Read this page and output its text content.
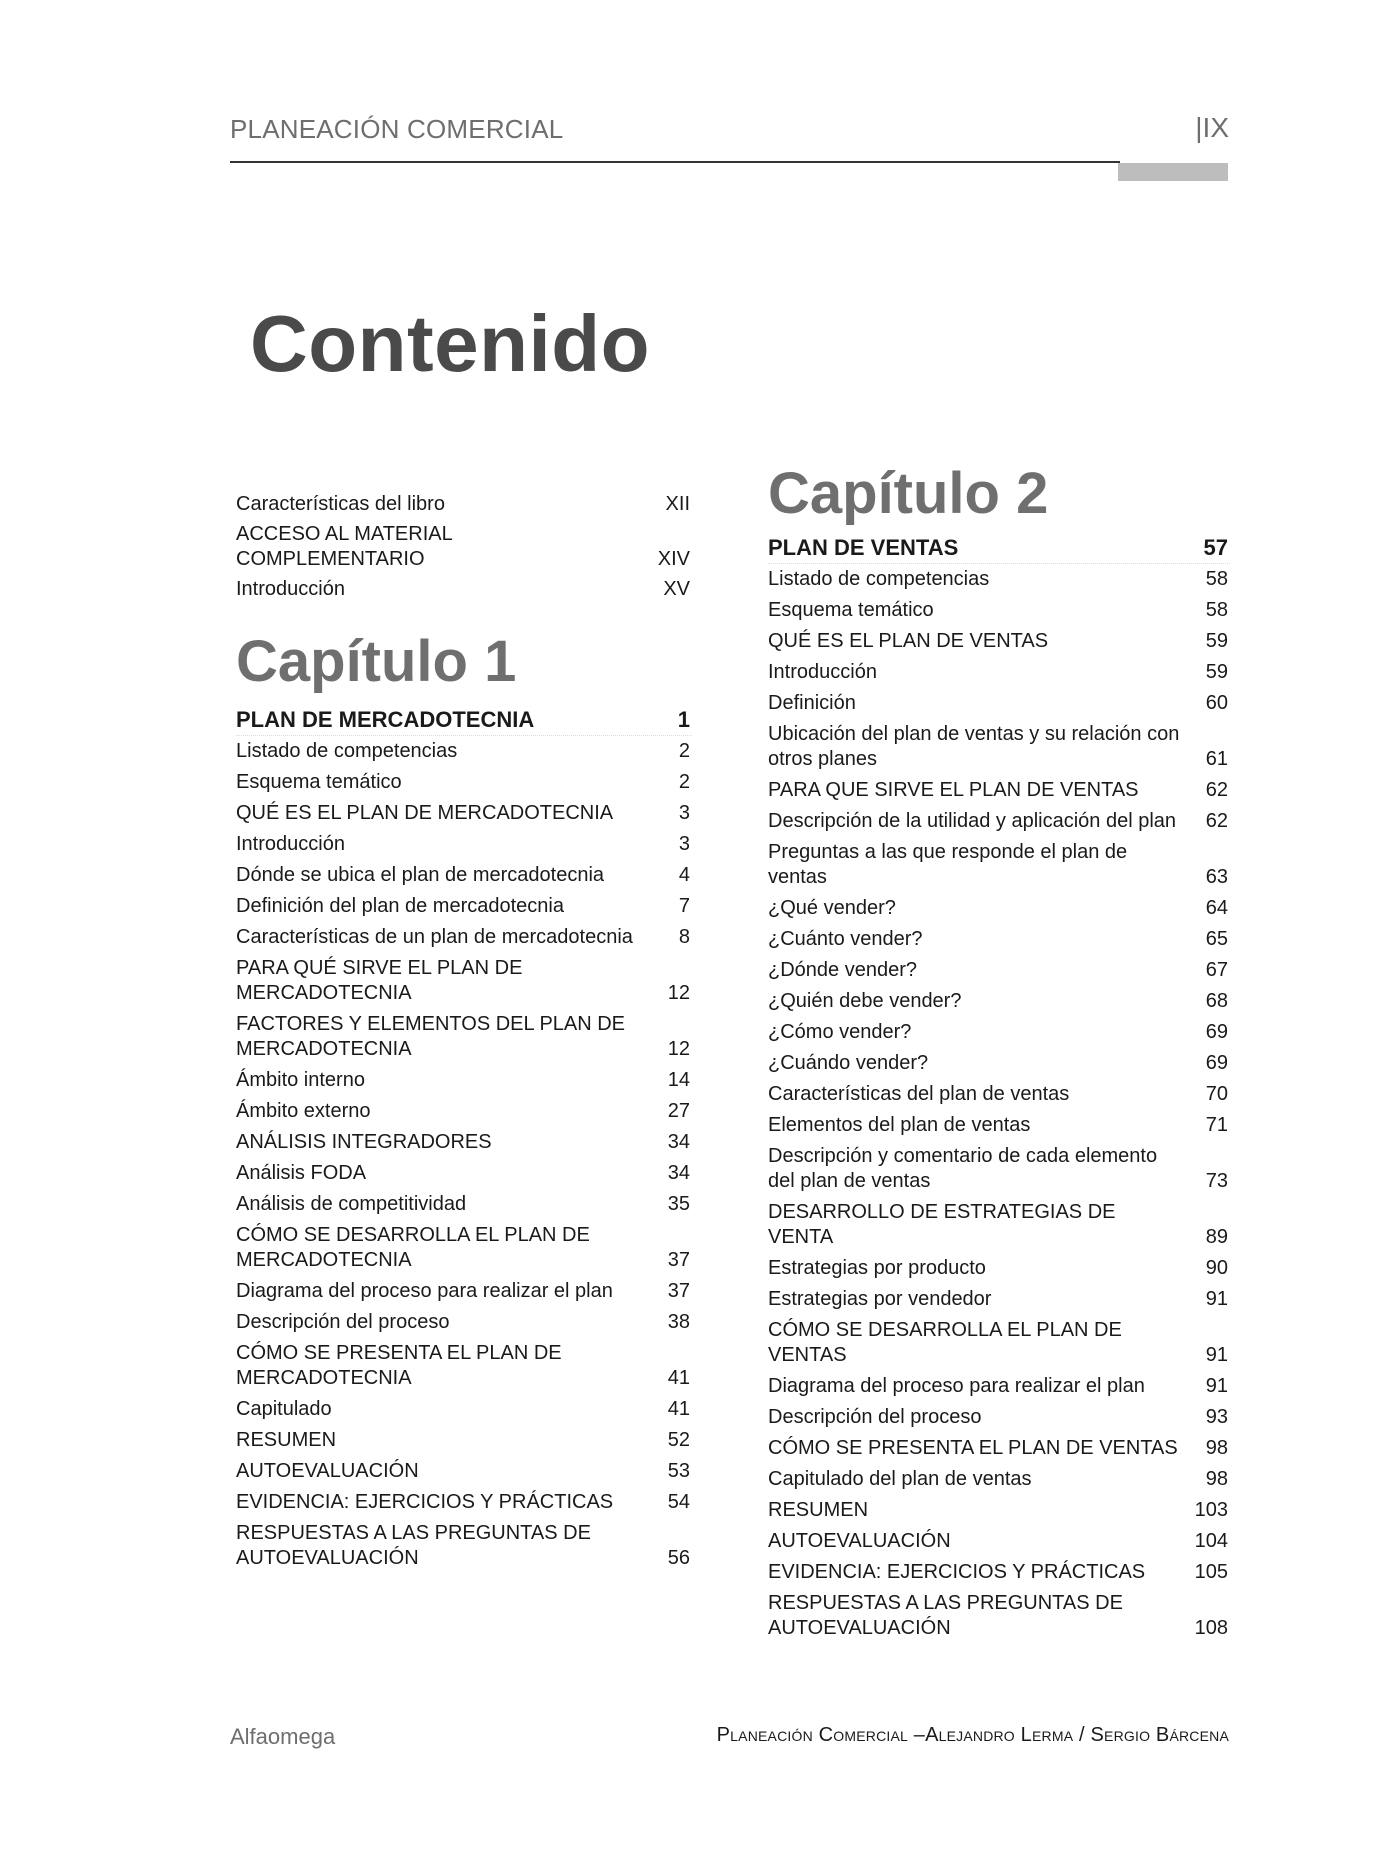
PLANEACIÓN COMERCIAL	|IX
Contenido
Características del libro	XII
ACCESO AL MATERIAL COMPLEMENTARIO	XIV
Introducción	XV
Capítulo 1
PLAN DE MERCADOTECNIA	1
Listado de competencias	2
Esquema temático	2
QUÉ ES EL PLAN DE MERCADOTECNIA	3
Introducción	3
Dónde se ubica el plan de mercadotecnia	4
Definición del plan de mercadotecnia	7
Características de un plan de mercadotecnia 8
PARA QUÉ SIRVE EL PLAN DE MERCADOTECNIA	12
FACTORES Y ELEMENTOS DEL PLAN DE MERCADOTECNIA	12
Ámbito interno	14
Ámbito externo	27
ANÁLISIS INTEGRADORES	34
Análisis FODA	34
Análisis de competitividad	35
CÓMO SE DESARROLLA EL PLAN DE MERCADOTECNIA	37
Diagrama del proceso para realizar el plan	37
Descripción del proceso	38
CÓMO SE PRESENTA EL PLAN DE MERCADOTECNIA	41
Capitulado	41
RESUMEN	52
AUTOEVALUACIÓN	53
EVIDENCIA: EJERCICIOS Y PRÁCTICAS	54
RESPUESTAS A LAS PREGUNTAS DE AUTOEVALUACIÓN	56
Capítulo 2
PLAN DE VENTAS	57
Listado de competencias	58
Esquema temático	58
QUÉ ES EL PLAN DE VENTAS	59
Introducción	59
Definición	60
Ubicación del plan de ventas y su relación con otros planes	61
PARA QUE SIRVE EL PLAN DE VENTAS	62
Descripción de la utilidad y aplicación del plan 62
Preguntas a las que responde el plan de ventas	63
¿Qué vender?	64
¿Cuánto vender?	65
¿Dónde vender?	67
¿Quién debe vender?	68
¿Cómo vender?	69
¿Cuándo vender?	69
Características del plan de ventas	70
Elementos del plan de ventas	71
Descripción y comentario de cada elemento del plan de ventas	73
DESARROLLO DE ESTRATEGIAS DE VENTA	89
Estrategias por producto	90
Estrategias por vendedor	91
CÓMO SE DESARROLLA EL PLAN DE VENTAS	91
Diagrama del proceso para realizar el plan	91
Descripción del proceso	93
CÓMO SE PRESENTA EL PLAN DE VENTAS 98
Capitulado del plan de ventas	98
RESUMEN	103
AUTOEVALUACIÓN	104
EVIDENCIA: EJERCICIOS Y PRÁCTICAS 105
RESPUESTAS A LAS PREGUNTAS DE AUTOEVALUACIÓN	108
Alfaomega	Planeación Comercial –Alejandro Lerma / Sergio Bárcena
